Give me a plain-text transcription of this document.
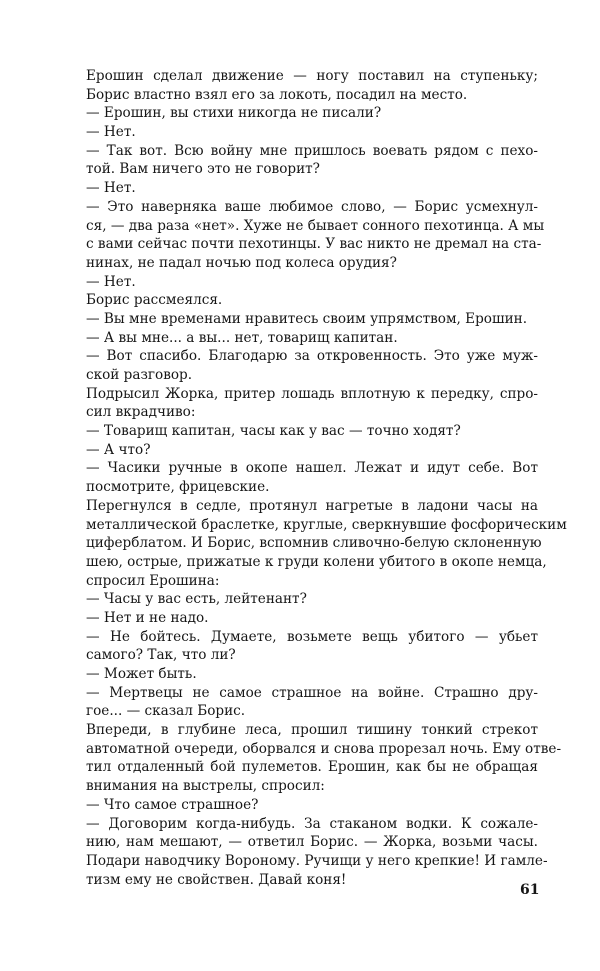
Ерошин сделал движение — ногу поставил на ступеньку;
Борис властно взял его за локоть, посадил на место.
— Ерошин, вы стихи никогда не писали?
— Нет.
— Так вот. Всю войну мне пришлось воевать рядом с пехо-
той. Вам ничего это не говорит?
— Нет.
— Это наверняка ваше любимое слово, — Борис усмехнул-
ся, — два раза «нет». Хуже не бывает сонного пехотинца. А мы
с вами сейчас почти пехотинцы. У вас никто не дремал на ста-
нинах, не падал ночью под колеса орудия?
— Нет.
Борис рассмеялся.
— Вы мне временами нравитесь своим упрямством, Ерошин.
— А вы мне... а вы... нет, товарищ капитан.
— Вот спасибо. Благодарю за откровенность. Это уже муж-
ской разговор.
Подрысил Жорка, притер лошадь вплотную к передку, спро-
сил вкрадчиво:
— Товарищ капитан, часы как у вас — точно ходят?
— А что?
— Часики ручные в окопе нашел. Лежат и идут себе. Вот
посмотрите, фрицевские.
Перегнулся в седле, протянул нагретые в ладони часы на
металлической браслетке, круглые, сверкнувшие фосфорическим
циферблатом. И Борис, вспомнив сливочно-белую склоненную
шею, острые, прижатые к груди колени убитого в окопе немца,
спросил Ерошина:
— Часы у вас есть, лейтенант?
— Нет и не надо.
— Не бойтесь. Думаете, возьмете вещь убитого — убьет
самого? Так, что ли?
— Может быть.
— Мертвецы не самое страшное на войне. Страшно дру-
гое... — сказал Борис.
Впереди, в глубине леса, прошил тишину тонкий стрекот
автоматной очереди, оборвался и снова прорезал ночь. Ему отве-
тил отдаленный бой пулеметов. Ерошин, как бы не обращая
внимания на выстрелы, спросил:
— Что самое страшное?
— Договорим когда-нибудь. За стаканом водки. К сожале-
нию, нам мешают, — ответил Борис. — Жорка, возьми часы.
Подари наводчику Вороному. Ручищи у него крепкие! И гамле-
тизм ему не свойствен. Давай коня!
61
